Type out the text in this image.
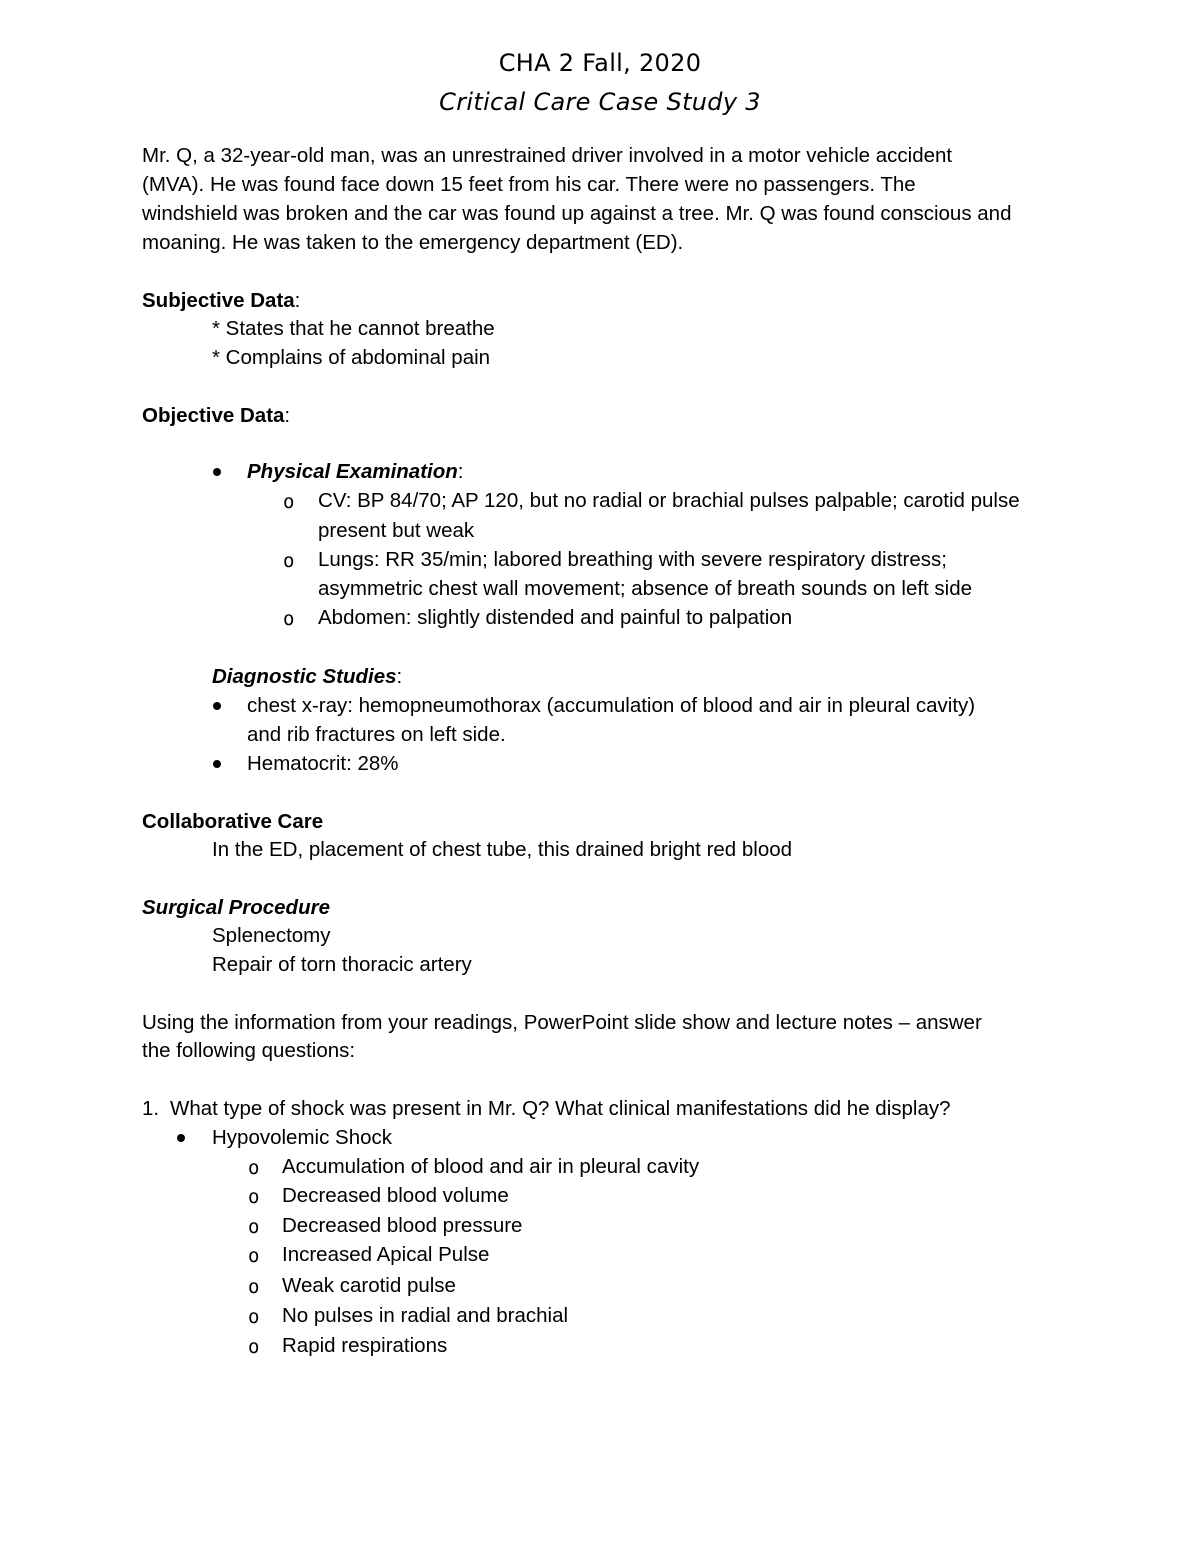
CHA 2 Fall, 2020
Critical Care Case Study 3
Mr. Q, a 32-year-old man, was an unrestrained driver involved in a motor vehicle accident
(MVA). He was found face down 15 feet from his car. There were no passengers. The
windshield was broken and the car was found up against a tree. Mr. Q was found conscious and
moaning. He was taken to the emergency department (ED).
Subjective Data:
* States that he cannot breathe
* Complains of abdominal pain
Objective Data:
Physical Examination:
o CV: BP 84/70; AP 120, but no radial or brachial pulses palpable; carotid pulse
present but weak
o Lungs: RR 35/min; labored breathing with severe respiratory distress;
asymmetric chest wall movement; absence of breath sounds on left side
o Abdomen: slightly distended and painful to palpation
Diagnostic Studies:
chest x-ray: hemopneumothorax (accumulation of blood and air in pleural cavity)
and rib fractures on left side.
Hematocrit: 28%
Collaborative Care
In the ED, placement of chest tube, this drained bright red blood
Surgical Procedure
Splenectomy
Repair of torn thoracic artery
Using the information from your readings, PowerPoint slide show and lecture notes – answer
the following questions:
1. What type of shock was present in Mr. Q? What clinical manifestations did he display?
Hypovolemic Shock
o Accumulation of blood and air in pleural cavity
o Decreased blood volume
o Decreased blood pressure
o Increased Apical Pulse
o Weak carotid pulse
o No pulses in radial and brachial
o Rapid respirations
